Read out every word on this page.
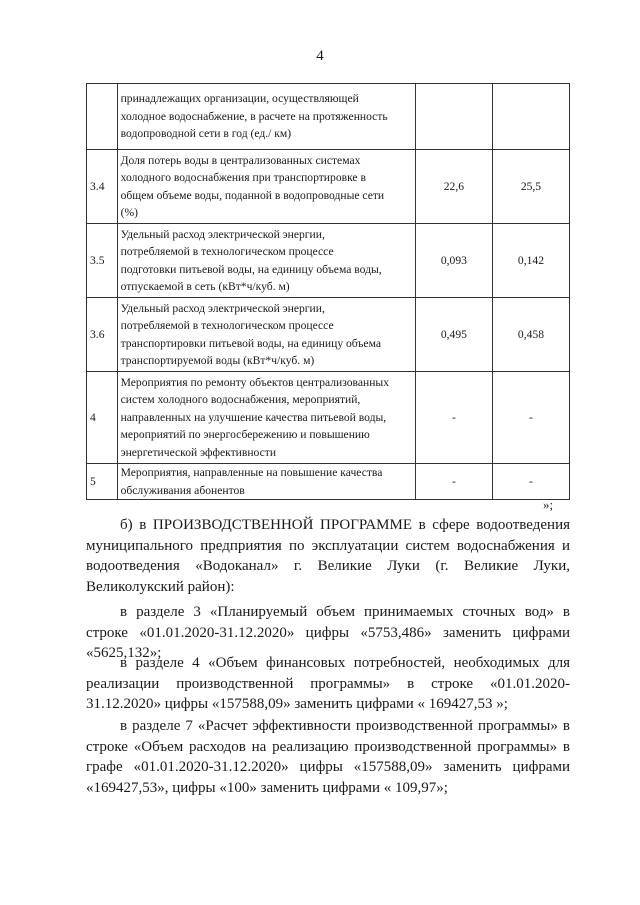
4

	принадлежащих организации, осуществляющей
холодное водоснабжение, в расчете на протяженность
водопроводной сети в год (ед./ км)		

3.4	Доля потерь воды в централизованных системах
холодного водоснабжения при транспортировке в
общем объеме воды, поданной в водопроводные сети
(%)	22,6	25,5
3.5	Удельный расход электрической энергии,
потребляемой в технологическом процессе
подготовки питьевой воды, на единицу объема воды,
отпускаемой в сеть (кВт*ч/куб. м)	0,093	0,142
3.6	Удельный расход электрической энергии,
потребляемой в технологическом процессе
транспортировки питьевой воды, на единицу объема
транспортируемой воды (кВт*ч/куб. м)	0,495	0,458
4	Мероприятия по ремонту объектов централизованных
систем холодного водоснабжения, мероприятий,
направленных на улучшение качества питьевой воды,
мероприятий по энергосбережению и повышению
энергетической эффективности	-	-
5	Мероприятия, направленные на повышение качества
обслуживания абонентов	-	-
»;
б) в ПРОИЗВОДСТВЕННОЙ ПРОГРАММЕ в сфере водоотведения муниципального предприятия по эксплуатации систем водоснабжения и водоотведения «Водоканал» г. Великие Луки (г. Великие Луки, Великолукский район):
в разделе 3 «Планируемый объем принимаемых сточных вод» в строке «01.01.2020-31.12.2020» цифры «5753,486» заменить цифрами «5625,132»;
в разделе 4 «Объем финансовых потребностей, необходимых для реализации производственной программы» в строке «01.01.2020-31.12.2020» цифры «157588,09» заменить цифрами « 169427,53 »;
в разделе 7 «Расчет эффективности производственной программы» в строке «Объем расходов на реализацию производственной программы» в графе «01.01.2020-31.12.2020» цифры «157588,09» заменить цифрами «169427,53», цифры «100» заменить цифрами « 109,97»;
